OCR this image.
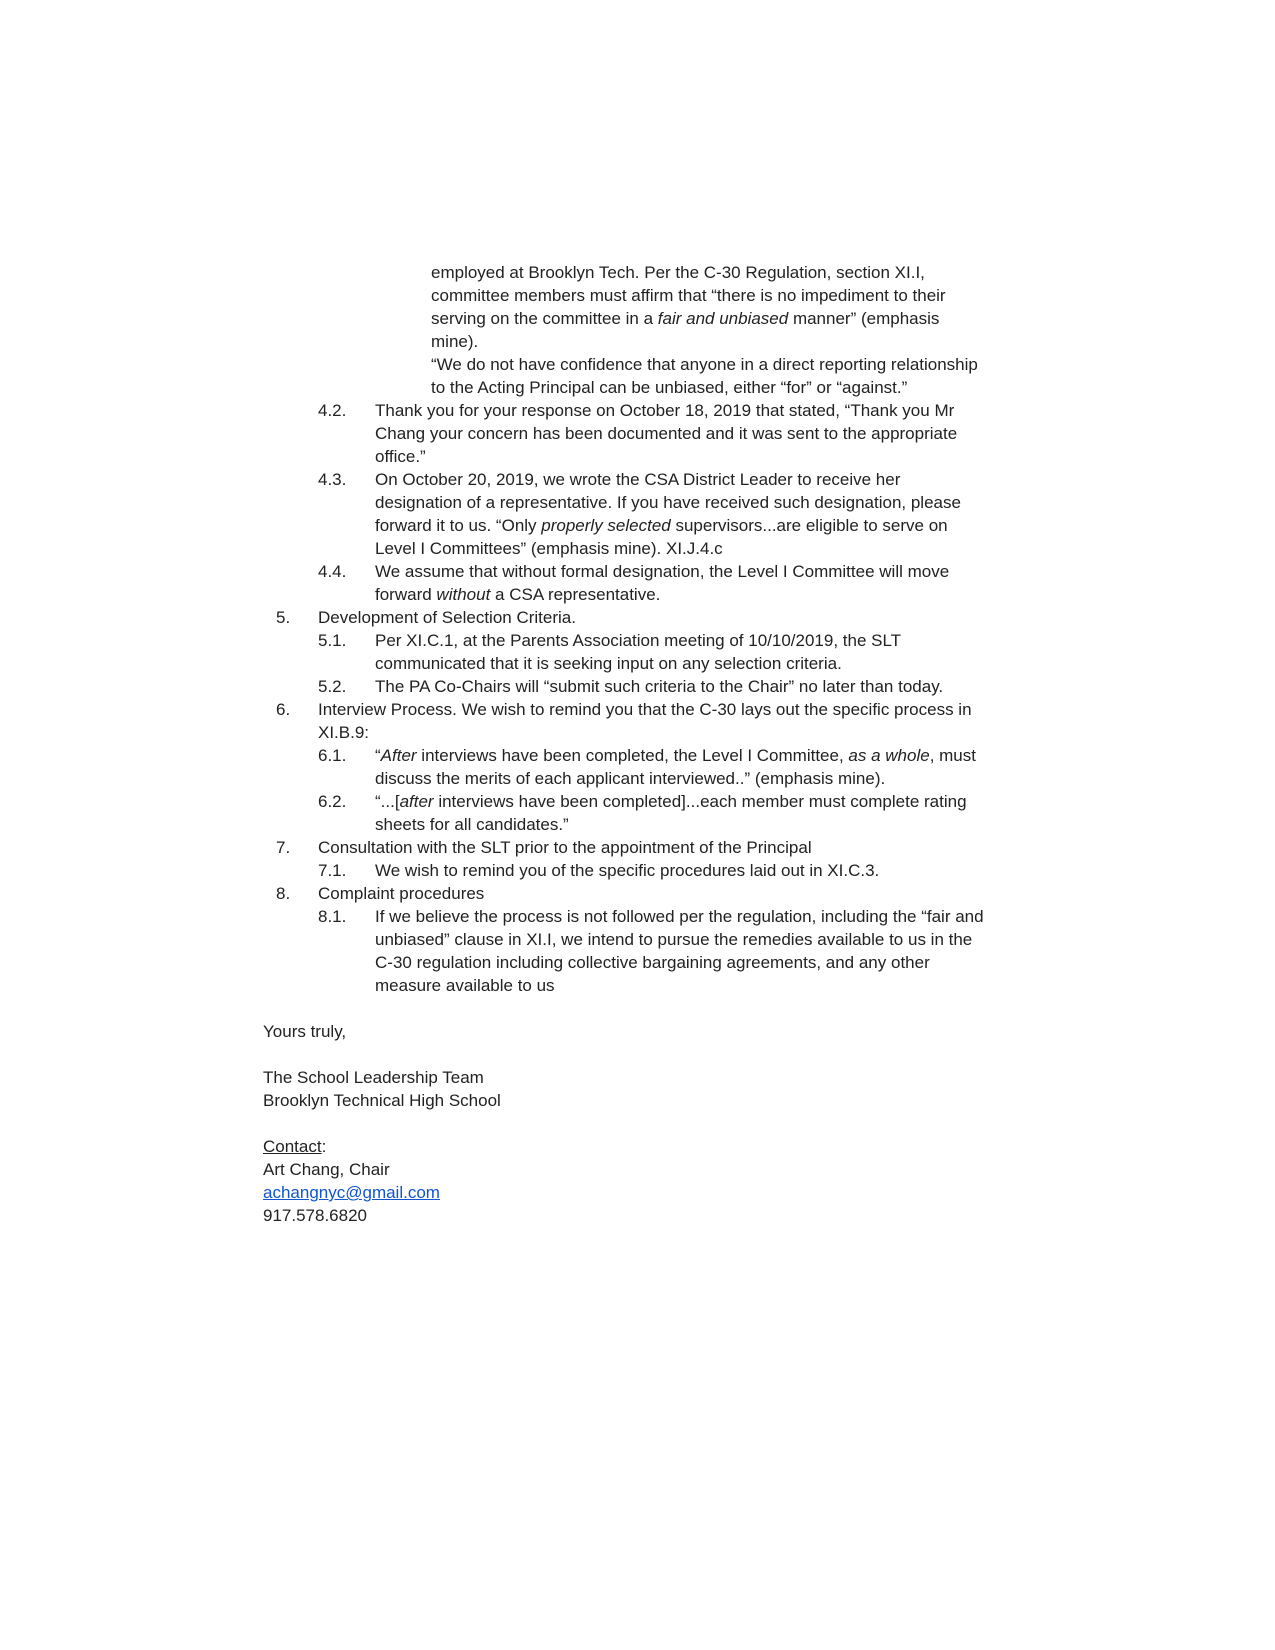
employed at Brooklyn Tech. Per the C-30 Regulation, section XI.I,
committee members must affirm that “there is no impediment to their
serving on the committee in a fair and unbiased manner” (emphasis
mine).
“We do not have confidence that anyone in a direct reporting relationship
to the Acting Principal can be unbiased, either “for” or “against.”
4.2. Thank you for your response on October 18, 2019 that stated, “Thank you Mr
Chang your concern has been documented and it was sent to the appropriate
office.”
4.3. On October 20, 2019, we wrote the CSA District Leader to receive her
designation of a representative. If you have received such designation, please
forward it to us. “Only properly selected supervisors...are eligible to serve on
Level I Committees” (emphasis mine). XI.J.4.c
4.4. We assume that without formal designation, the Level I Committee will move
forward without a CSA representative.
5. Development of Selection Criteria.
5.1. Per XI.C.1, at the Parents Association meeting of 10/10/2019, the SLT
communicated that it is seeking input on any selection criteria.
5.2. The PA Co-Chairs will “submit such criteria to the Chair” no later than today.
6. Interview Process. We wish to remind you that the C-30 lays out the specific process in
XI.B.9:
6.1. “After interviews have been completed, the Level I Committee, as a whole, must
discuss the merits of each applicant interviewed..” (emphasis mine).
6.2. “...[after interviews have been completed]...each member must complete rating
sheets for all candidates.”
7. Consultation with the SLT prior to the appointment of the Principal
7.1. We wish to remind you of the specific procedures laid out in XI.C.3.
8. Complaint procedures
8.1. If we believe the process is not followed per the regulation, including the “fair and
unbiased” clause in XI.I, we intend to pursue the remedies available to us in the
C-30 regulation including collective bargaining agreements, and any other
measure available to us
Yours truly,
The School Leadership Team
Brooklyn Technical High School
Contact:
Art Chang, Chair
achangnyc@gmail.com
917.578.6820
